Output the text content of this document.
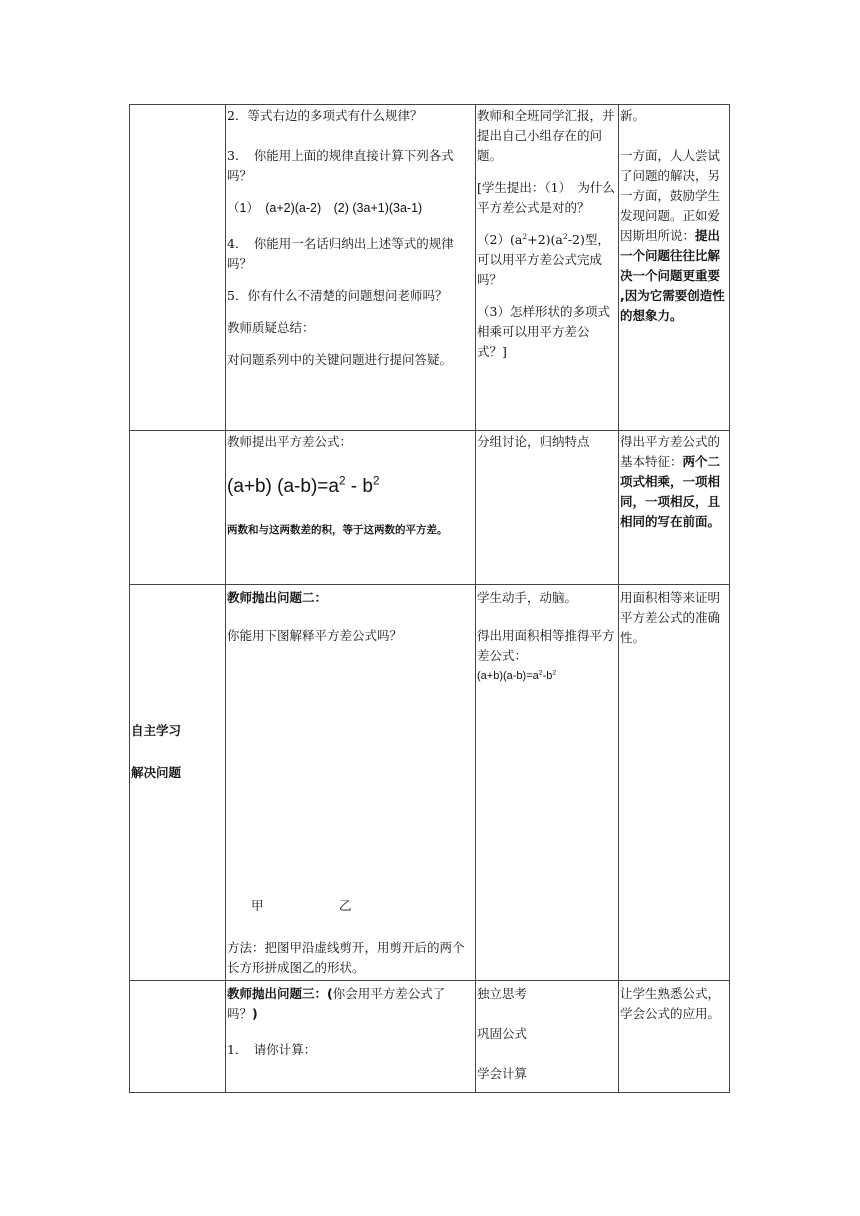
2．等式右边的多项式有什么规律？

3．　你能用上面的规律直接计算下列各式吗？

（1）　(a+2)(a-2)　(2) (3a+1)(3a-1)

4．　你能用一名话归纳出上述等式的规律吗？

5．你有什么不清楚的问题想问老师吗？

教师质疑总结：

对问题系列中的关键问题进行提问答疑。

教师和全班同学汇报，并提出自己小组存在的问题。

[学生提出：（1）　为什么平方差公式是对的？

$(2)(a^2+2)(a^2-2)$型，可以用平方差公式完成吗？

（3）怎样形状的多项式相乘可以用平方差公式？]

新。

一方面，人人尝试了问题的解决，另一方面，鼓励学生发现问题。正如爱因斯坦所说：提出一个问题往往比解决一个问题更重要 ,因为它需要创造性的想象力。

教师提出平方差公式：

(a+b) $(a-b)=a^2 - b^2$

两数和与这两数差的积，等于这两数的平方差。

分组讨论，归纳特点	得出平方差公式的基本特征：两个二项式相乘，一项相同，一项相反，且相同的写在前面。

自主学习

解决问题

教师抛出问题二：

你能用下图解释平方差公式吗？

甲	乙

方法：把图甲沿虚线剪开，用剪开后的两个长方形拼成图乙的形状。

学生动手，动脑。

得出用面积相等推得平方差公式：

$(a+b)(a-b)=a^2-b^2$

用面积相等来证明平方差公式的准确性。

教师抛出问题三：(你会用平方差公式了吗？)

1．　请你计算：

独立思考

巩固公式

学会计算

让学生熟悉公式，学会公式的应用。
